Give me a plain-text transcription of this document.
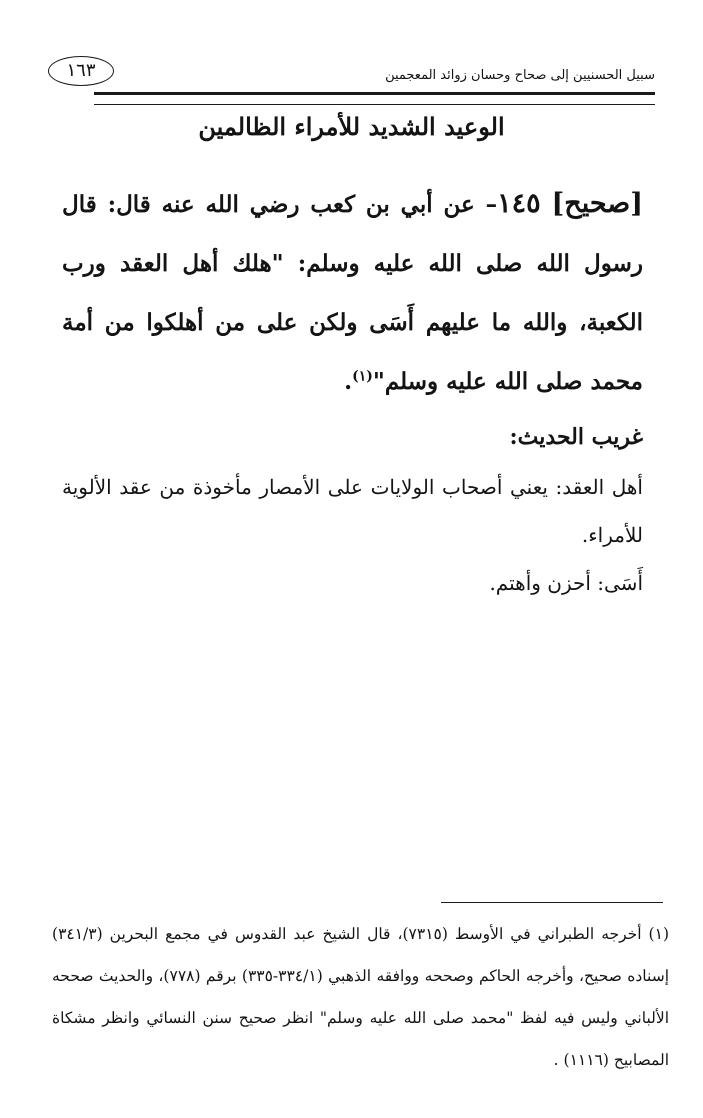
سبيل الحسنيين إلى صحاح وحسان زوائد المعجمين
١٦٣
الوعيد الشديد للأمراء الظالمين

[صحيح] ١٤٥– عن أبي بن كعب رضي الله عنه قال: قال رسول الله صلى الله عليه وسلم: "هلك أهل العقد ورب الكعبة، والله ما عليهم أَسَى ولكن على من أهلكوا من أمة محمد صلى الله عليه وسلم"$^{(١)}$.

غريب الحديث:

أهل العقد: يعني أصحاب الولايات على الأمصار مأخوذة من عقد الألوية للأمراء.

أَسَى: أحزن وأهتم.

(١) أخرجه الطبراني في الأوسط (٧٣١٥)، قال الشيخ عبد القدوس في مجمع البحرين (٣٤١/٣) إسناده صحيح، وأخرجه الحاكم وصححه ووافقه الذهبي (٣٣٤/١-٣٣٥) برقم (٧٧٨)، والحديث صححه الألباني وليس فيه لفظ "محمد صلى الله عليه وسلم" انظر صحيح سنن النسائي وانظر مشكاة المصابيح (١١١٦) .
